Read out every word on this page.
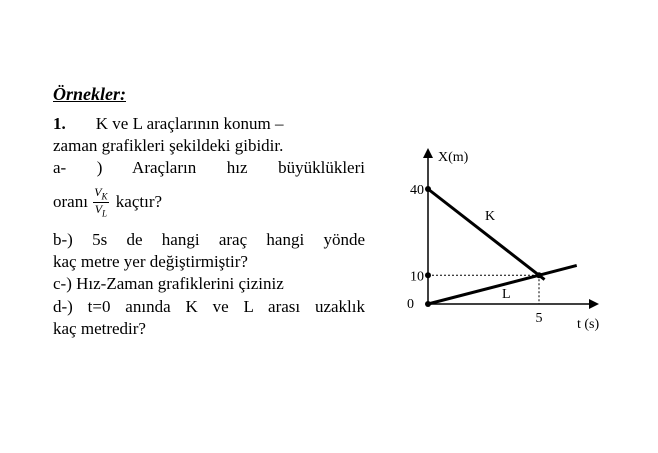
Örnekler:
1. K ve L araçlarının konum –
zaman grafikleri şekildeki gibidir.
a- ) Araçların hız büyüklükleri
oranı $\frac{V_K}{V_L}$ kaçtır?
b-) 5s de hangi araç hangi yönde
kaç metre yer değiştirmiştir?
c-) Hız-Zaman grafiklerini çiziniz
d-) t=0 anında K ve L arası uzaklık
kaç metredir?
10
40
5
0
K
L
X(m)
t (s)
